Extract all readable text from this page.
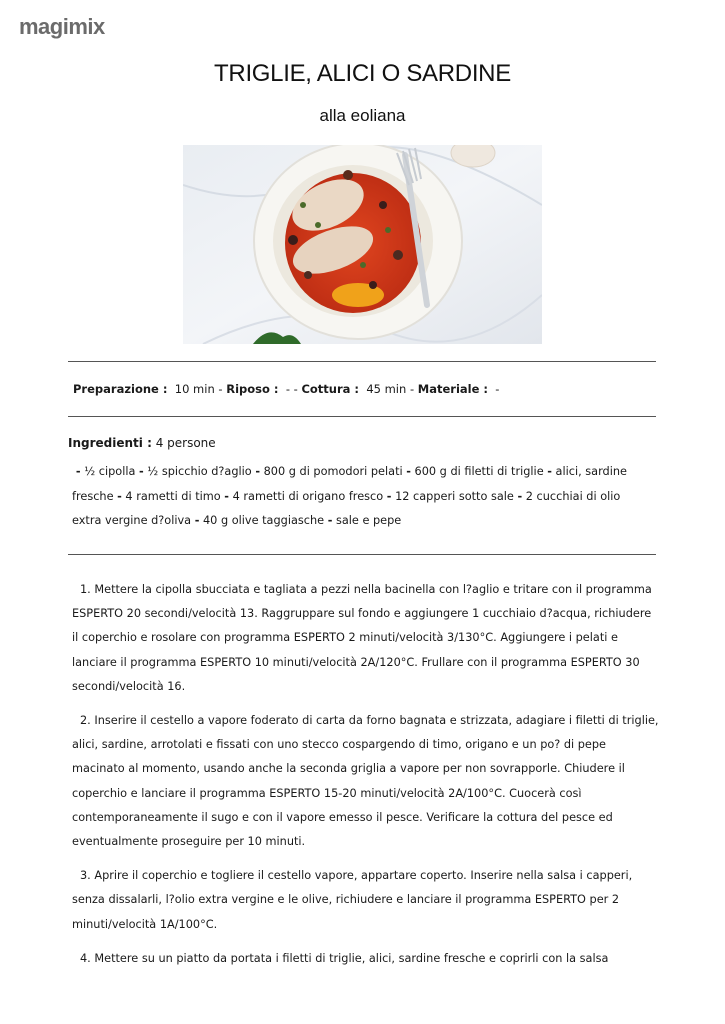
magimix
TRIGLIE, ALICI O SARDINE
alla eoliana
Preparazione : 10 min - Riposo : - - Cottura : 45 min - Materiale : -
Ingredienti : 4 persone
- ½ cipolla - ½ spicchio d?aglio - 800 g di pomodori pelati - 600 g di filetti di triglie - alici, sardine fresche - 4 rametti di timo - 4 rametti di origano fresco - 12 capperi sotto sale - 2 cucchiai di olio extra vergine d?oliva - 40 g olive taggiasche - sale e pepe

1. Mettere la cipolla sbucciata e tagliata a pezzi nella bacinella con l?aglio e tritare con il programma ESPERTO 20 secondi/velocità 13. Raggruppare sul fondo e aggiungere 1 cucchiaio d?acqua, richiudere il coperchio e rosolare con programma ESPERTO 2 minuti/velocità 3/130°C. Aggiungere i pelati e lanciare il programma ESPERTO 10 minuti/velocità 2A/120°C. Frullare con il programma ESPERTO 30 secondi/velocità 16.

2. Inserire il cestello a vapore foderato di carta da forno bagnata e strizzata, adagiare i filetti di triglie, alici, sardine, arrotolati e fissati con uno stecco cospargendo di timo, origano e un po? di pepe macinato al momento, usando anche la seconda griglia a vapore per non sovrapporle. Chiudere il coperchio e lanciare il programma ESPERTO 15-20 minuti/velocità 2A/100°C. Cuocerà così contemporaneamente il sugo e con il vapore emesso il pesce. Verificare la cottura del pesce ed eventualmente proseguire per 10 minuti.

3. Aprire il coperchio e togliere il cestello vapore, appartare coperto. Inserire nella salsa i capperi, senza dissalarli, l?olio extra vergine e le olive, richiudere e lanciare il programma ESPERTO per 2 minuti/velocità 1A/100°C.

4. Mettere su un piatto da portata i filetti di triglie, alici, sardine fresche e coprirli con la salsa
